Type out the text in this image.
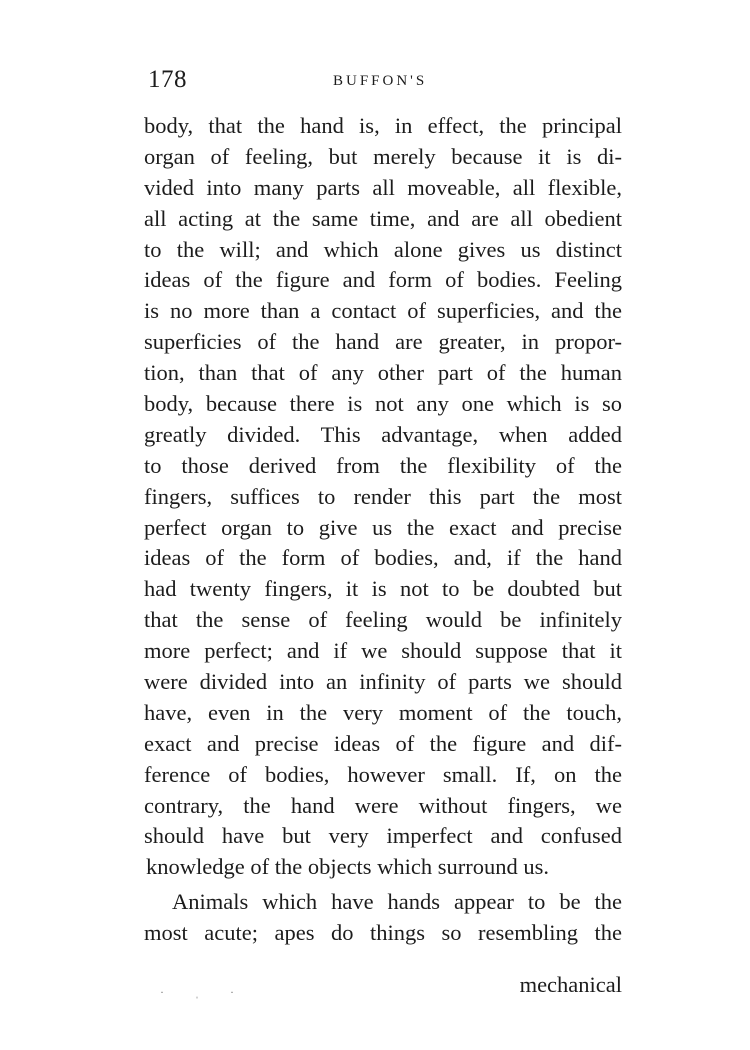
178	BUFFON'S
body, that the hand is, in effect, the principal
organ of feeling, but merely because it is di-
vided into many parts all moveable, all flexible,
all acting at the same time, and are all obedient
to the will; and which alone gives us distinct
ideas of the figure and form of bodies. Feeling
is no more than a contact of superficies, and the
superficies of the hand are greater, in propor-
tion, than that of any other part of the human
body, because there is not any one which is so
greatly divided. This advantage, when added
to those derived from the flexibility of the
fingers, suffices to render this part the most
perfect organ to give us the exact and precise
ideas of the form of bodies, and, if the hand
had twenty fingers, it is not to be doubted but
that the sense of feeling would be infinitely
more perfect; and if we should suppose that it
were divided into an infinity of parts we should
have, even in the very moment of the touch,
exact and precise ideas of the figure and dif-
ference of bodies, however small. If, on the
contrary, the hand were without fingers, we
should have but very imperfect and confused
knowledge of the objects which surround us.
Animals which have hands appear to be the
most acute; apes do things so resembling the
· ˌ ·	mechanical
